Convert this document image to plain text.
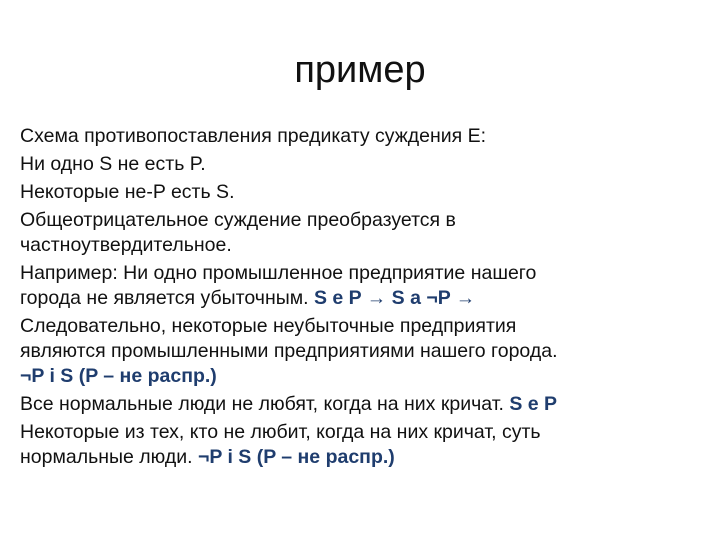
пример
Схема противопоставления предикату суждения Е:
Ни одно S не есть P.
Некоторые не-P есть S.
Общеотрицательное суждение преобразуется в
частноутвердительное.
Например: Ни одно промышленное предприятие нашего
города не является убыточным. S e P → S a ¬P →
Следовательно, некоторые неубыточные предприятия
являются промышленными предприятиями нашего города.
¬P i S (P – не распр.)
Все нормальные люди не любят, когда на них кричат. S e P
Некоторые из тех, кто не любит, когда на них кричат, суть
нормальные люди. ¬P i S (P – не распр.)
